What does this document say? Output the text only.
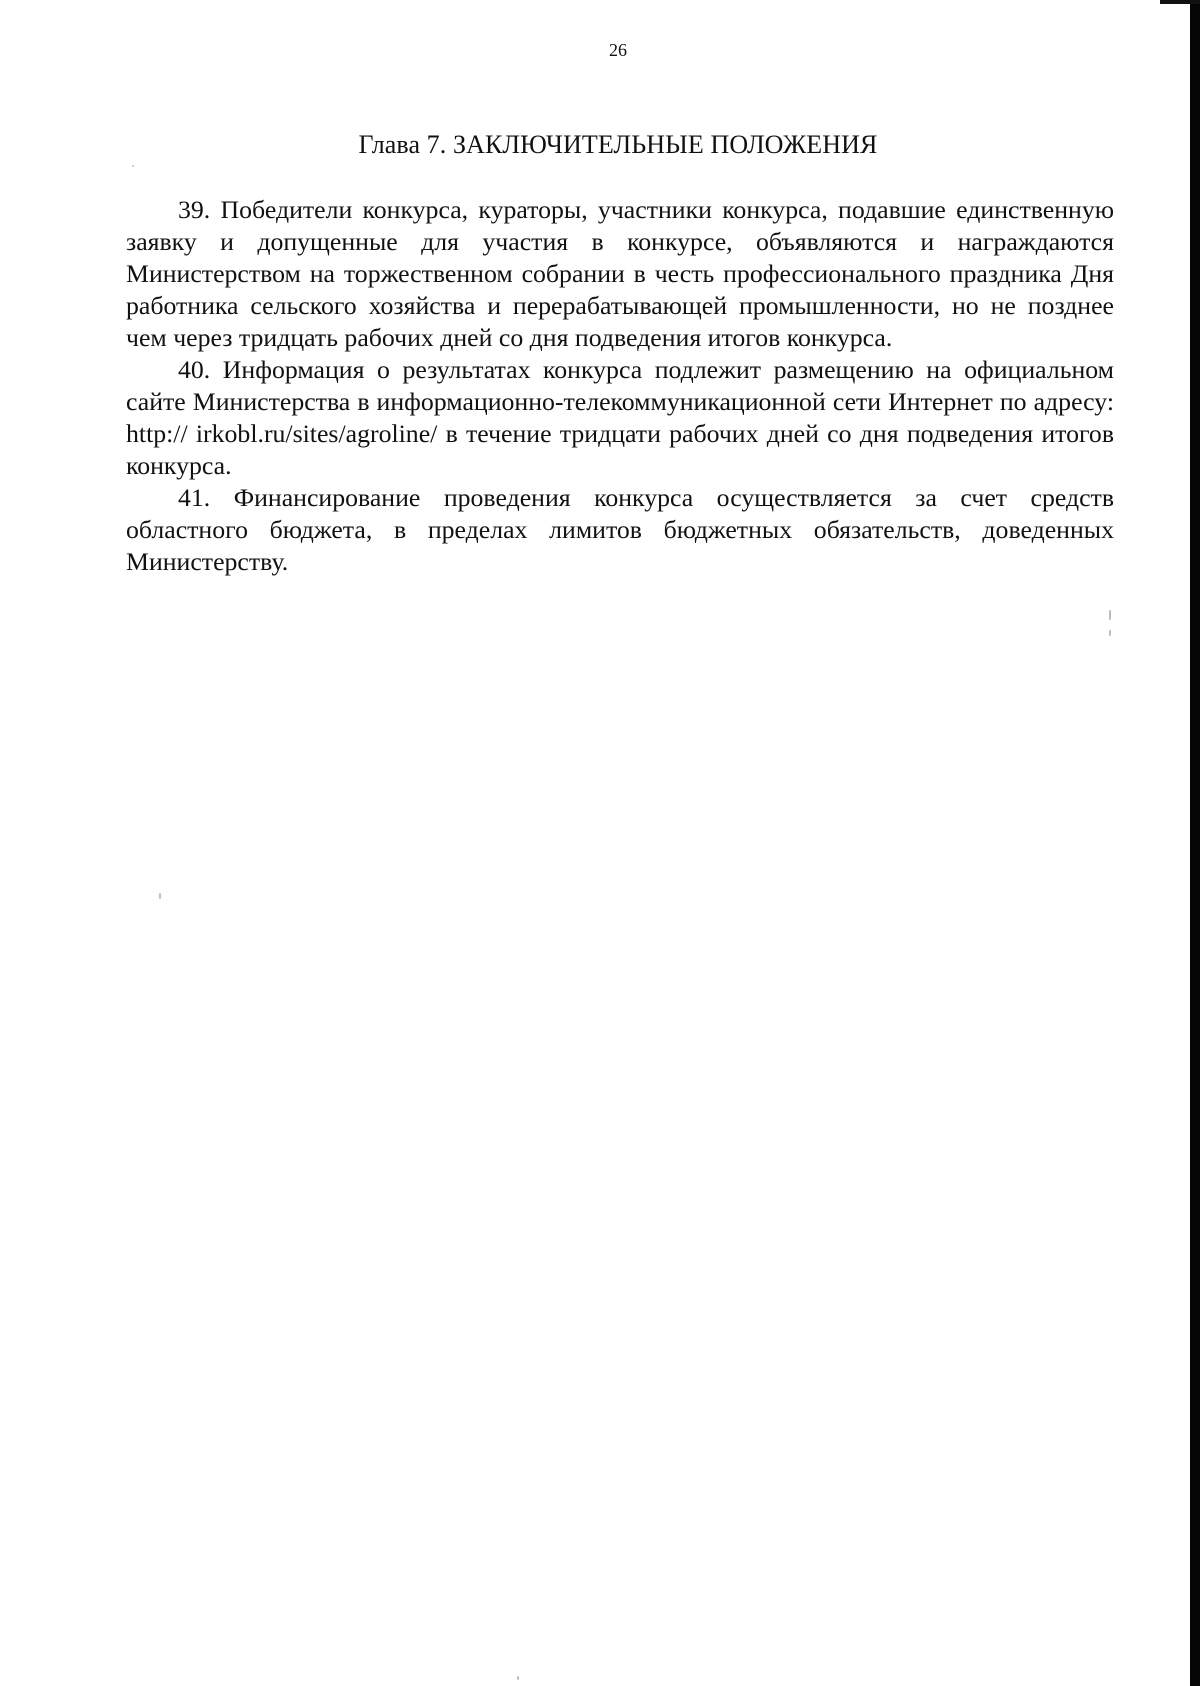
26
Глава 7. ЗАКЛЮЧИТЕЛЬНЫЕ ПОЛОЖЕНИЯ

39. Победители конкурса, кураторы, участники конкурса, подавшие единственную заявку и допущенные для участия в конкурсе, объявляются и награждаются Министерством на торжественном собрании в честь профессионального праздника Дня работника сельского хозяйства и перерабатывающей промышленности, но не позднее чем через тридцать рабочих дней со дня подведения итогов конкурса.

40. Информация о результатах конкурса подлежит размещению на официальном сайте Министерства в информационно-телекоммуникационной сети Интернет по адресу: http:// irkobl.ru/sites/agroline/ в течение тридцати рабочих дней со дня подведения итогов конкурса.

41. Финансирование проведения конкурса осуществляется за счет средств областного бюджета, в пределах лимитов бюджетных обязательств, доведенных Министерству.
